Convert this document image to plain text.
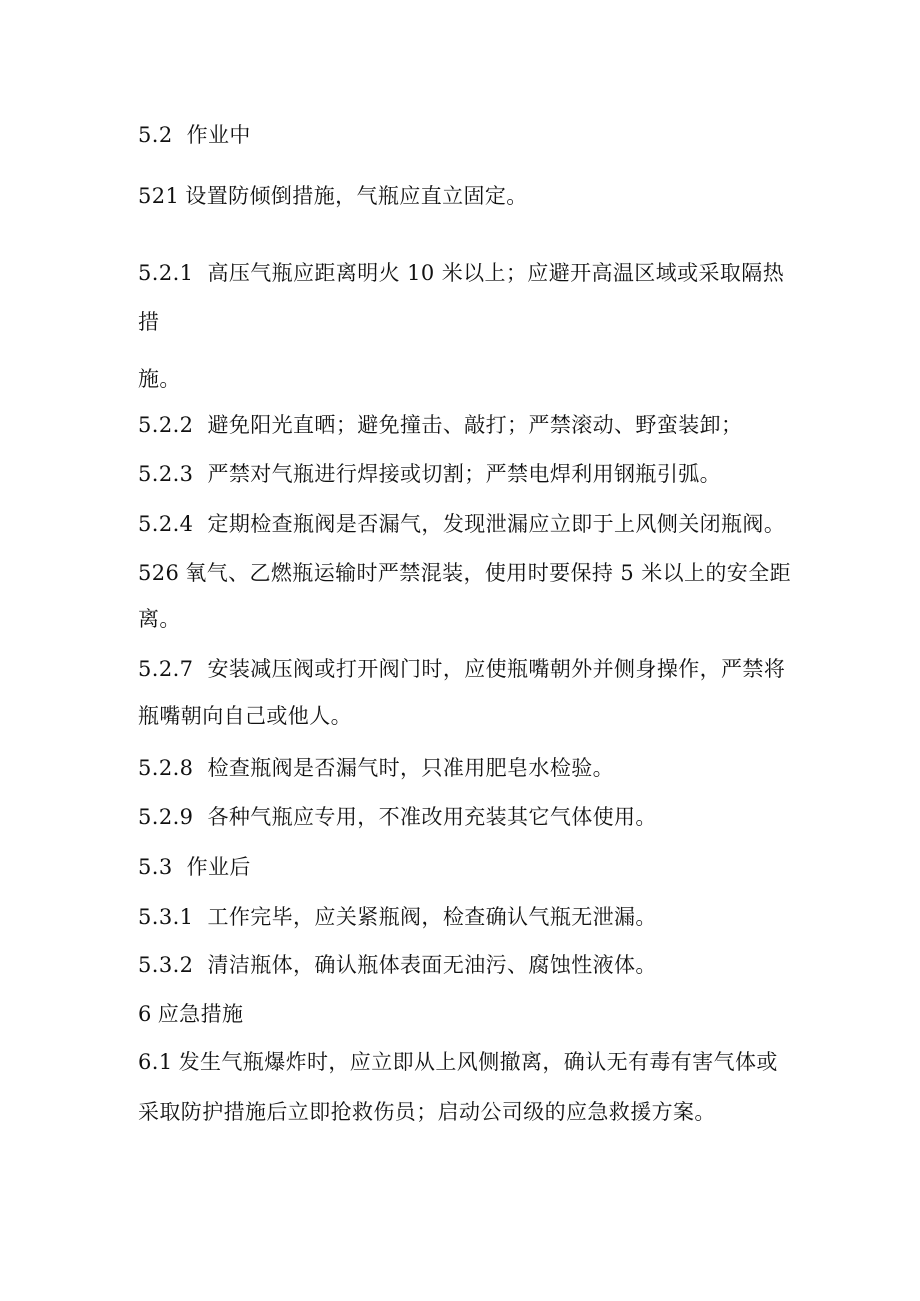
5.2 作业中

521 设置防倾倒措施，气瓶应直立固定。

5.2.1 高压气瓶应距离明火 10 米以上；应避开高温区域或采取隔热

措

施。

5.2.2 避免阳光直晒；避免撞击、敲打；严禁滚动、野蛮装卸；

5.2.3 严禁对气瓶进行焊接或切割；严禁电焊利用钢瓶引弧。

5.2.4 定期检查瓶阀是否漏气，发现泄漏应立即于上风侧关闭瓶阀。

526 氧气、乙燃瓶运输时严禁混装，使用时要保持 5 米以上的安全距

离。

5.2.7 安装减压阀或打开阀门时，应使瓶嘴朝外并侧身操作，严禁将

瓶嘴朝向自己或他人。

5.2.8 检查瓶阀是否漏气时，只准用肥皂水检验。

5.2.9 各种气瓶应专用，不准改用充装其它气体使用。

5.3 作业后

5.3.1 工作完毕，应关紧瓶阀，检查确认气瓶无泄漏。

5.3.2 清洁瓶体，确认瓶体表面无油污、腐蚀性液体。

6 应急措施

6.1 发生气瓶爆炸时，应立即从上风侧撤离，确认无有毒有害气体或

采取防护措施后立即抢救伤员；启动公司级的应急救援方案。
